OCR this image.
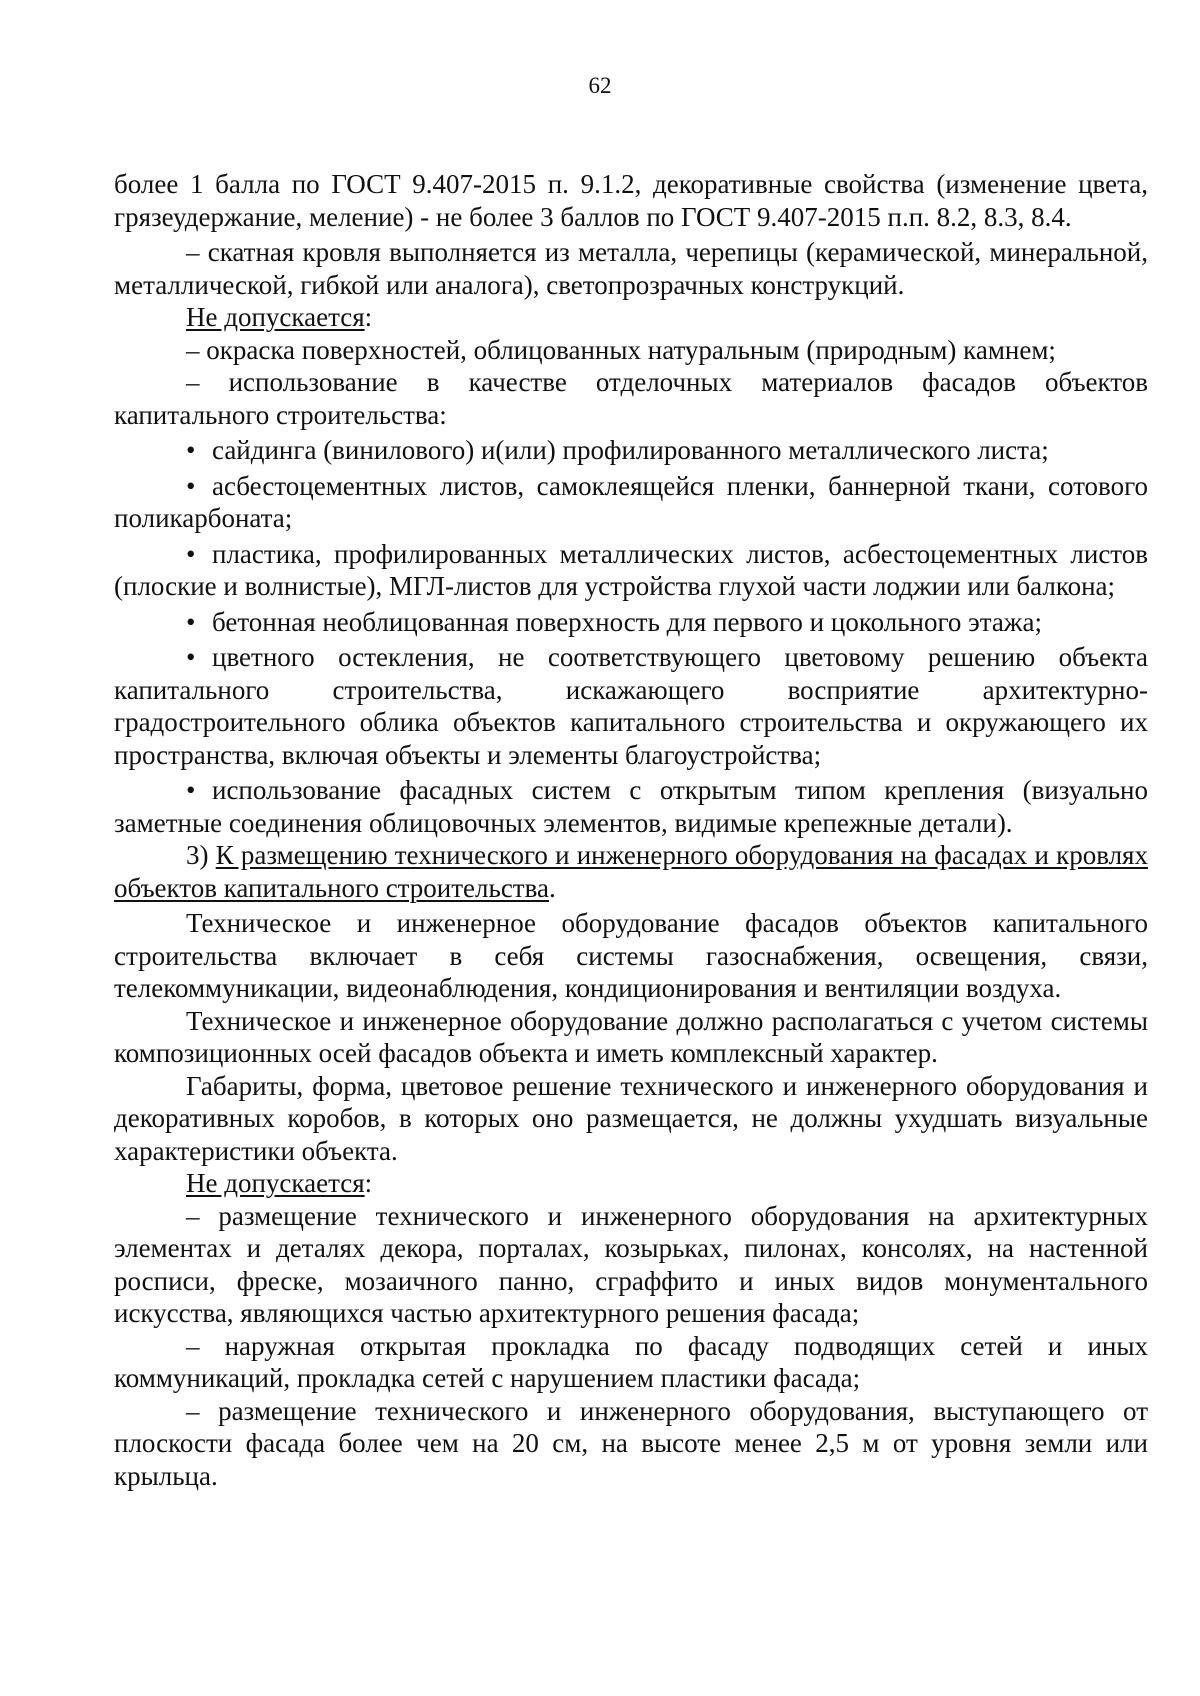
62

более 1 балла по ГОСТ 9.407-2015 п. 9.1.2, декоративные свойства (изменение цвета, грязеудержание, меление) - не более 3 баллов по ГОСТ 9.407-2015 п.п. 8.2, 8.3, 8.4.

– скатная кровля выполняется из металла, черепицы (керамической, минеральной, металлической, гибкой или аналога), светопрозрачных конструкций.

Не допускается:

– окраска поверхностей, облицованных натуральным (природным) камнем;

– использование в качестве отделочных материалов фасадов объектов капитального строительства:

• сайдинга (винилового) и(или) профилированного металлического листа;

• асбестоцементных листов, самоклеящейся пленки, баннерной ткани, сотового поликарбоната;

• пластика, профилированных металлических листов, асбестоцементных листов (плоские и волнистые), МГЛ-листов для устройства глухой части лоджии или балкона;

• бетонная необлицованная поверхность для первого и цокольного этажа;

• цветного остекления, не соответствующего цветовому решению объекта капитального строительства, искажающего восприятие архитектурно-градостроительного облика объектов капитального строительства и окружающего их пространства, включая объекты и элементы благоустройства;

• использование фасадных систем с открытым типом крепления (визуально заметные соединения облицовочных элементов, видимые крепежные детали).

3) К размещению технического и инженерного оборудования на фасадах и кровлях объектов капитального строительства.

Техническое и инженерное оборудование фасадов объектов капитального строительства включает в себя системы газоснабжения, освещения, связи, телекоммуникации, видеонаблюдения, кондиционирования и вентиляции воздуха.

Техническое и инженерное оборудование должно располагаться с учетом системы композиционных осей фасадов объекта и иметь комплексный характер.

Габариты, форма, цветовое решение технического и инженерного оборудования и декоративных коробов, в которых оно размещается, не должны ухудшать визуальные характеристики объекта.

Не допускается:

– размещение технического и инженерного оборудования на архитектурных элементах и деталях декора, порталах, козырьках, пилонах, консолях, на настенной росписи, фреске, мозаичного панно, сграффито и иных видов монументального искусства, являющихся частью архитектурного решения фасада;

– наружная открытая прокладка по фасаду подводящих сетей и иных коммуникаций, прокладка сетей с нарушением пластики фасада;

– размещение технического и инженерного оборудования, выступающего от плоскости фасада более чем на 20 см, на высоте менее 2,5 м от уровня земли или крыльца.
